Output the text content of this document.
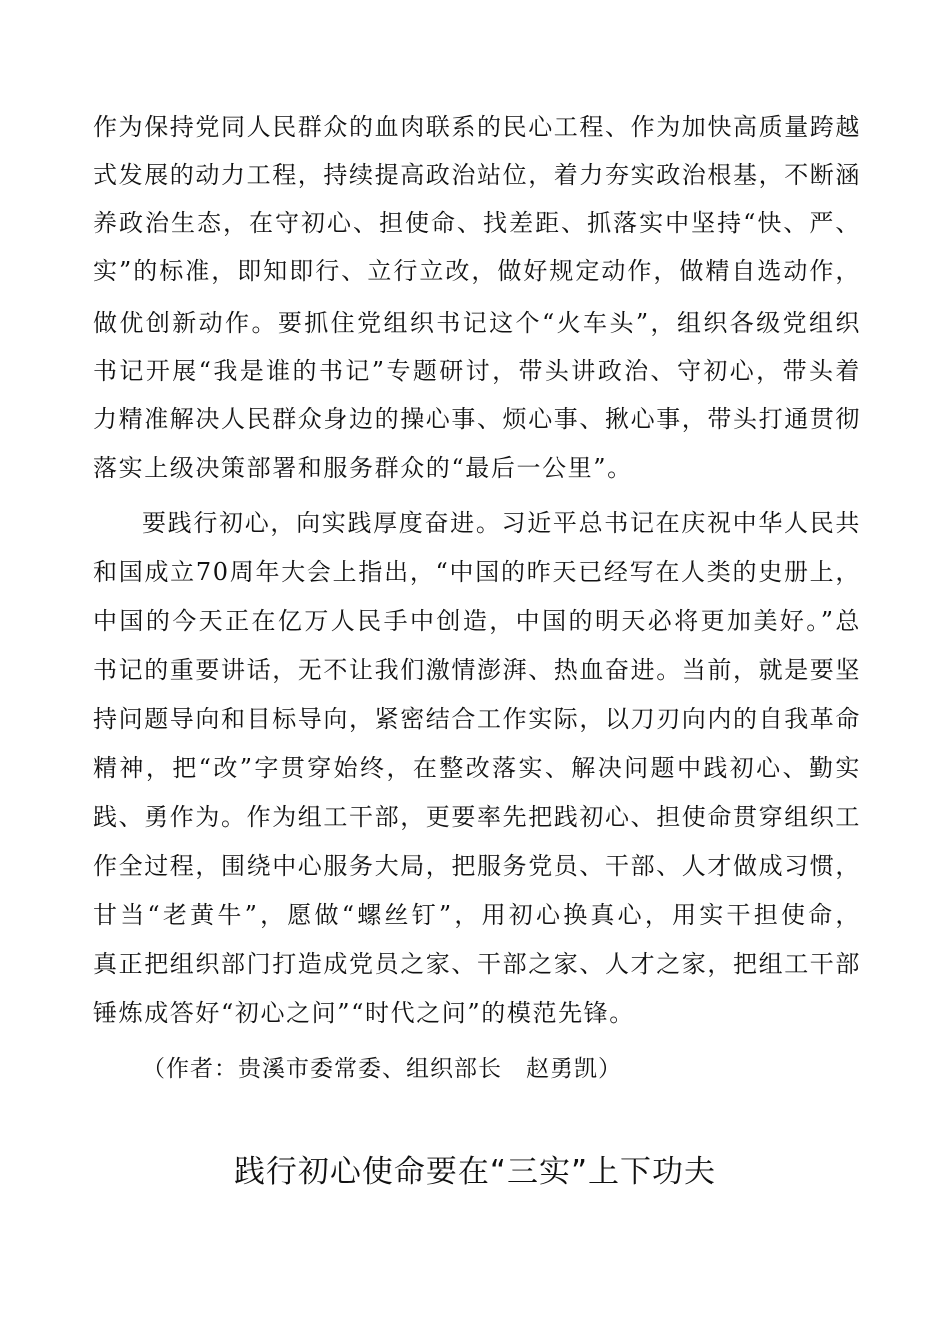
作为保持党同人民群众的血肉联系的民心工程、作为加快高质量跨越
式发展的动力工程，持续提高政治站位，着力夯实政治根基，不断涵
养政治生态，在守初心、担使命、找差距、抓落实中坚持“快、严、
实”的标准，即知即行、立行立改，做好规定动作，做精自选动作，
做优创新动作。要抓住党组织书记这个“火车头”，组织各级党组织
书记开展“我是谁的书记”专题研讨，带头讲政治、守初心，带头着
力精准解决人民群众身边的操心事、烦心事、揪心事，带头打通贯彻
落实上级决策部署和服务群众的“最后一公里”。
要践行初心，向实践厚度奋进。习近平总书记在庆祝中华人民共
和国成立70周年大会上指出，“中国的昨天已经写在人类的史册上，
中国的今天正在亿万人民手中创造，中国的明天必将更加美好。”总
书记的重要讲话，无不让我们激情澎湃、热血奋进。当前，就是要坚
持问题导向和目标导向，紧密结合工作实际，以刀刃向内的自我革命
精神，把“改”字贯穿始终，在整改落实、解决问题中践初心、勤实
践、勇作为。作为组工干部，更要率先把践初心、担使命贯穿组织工
作全过程，围绕中心服务大局，把服务党员、干部、人才做成习惯，
甘当“老黄牛”，愿做“螺丝钉”，用初心换真心，用实干担使命，
真正把组织部门打造成党员之家、干部之家、人才之家，把组工干部
锤炼成答好“初心之问”“时代之问”的模范先锋。
（作者：贵溪市委常委、组织部长　赵勇凯）
践行初心使命要在“三实”上下功夫
